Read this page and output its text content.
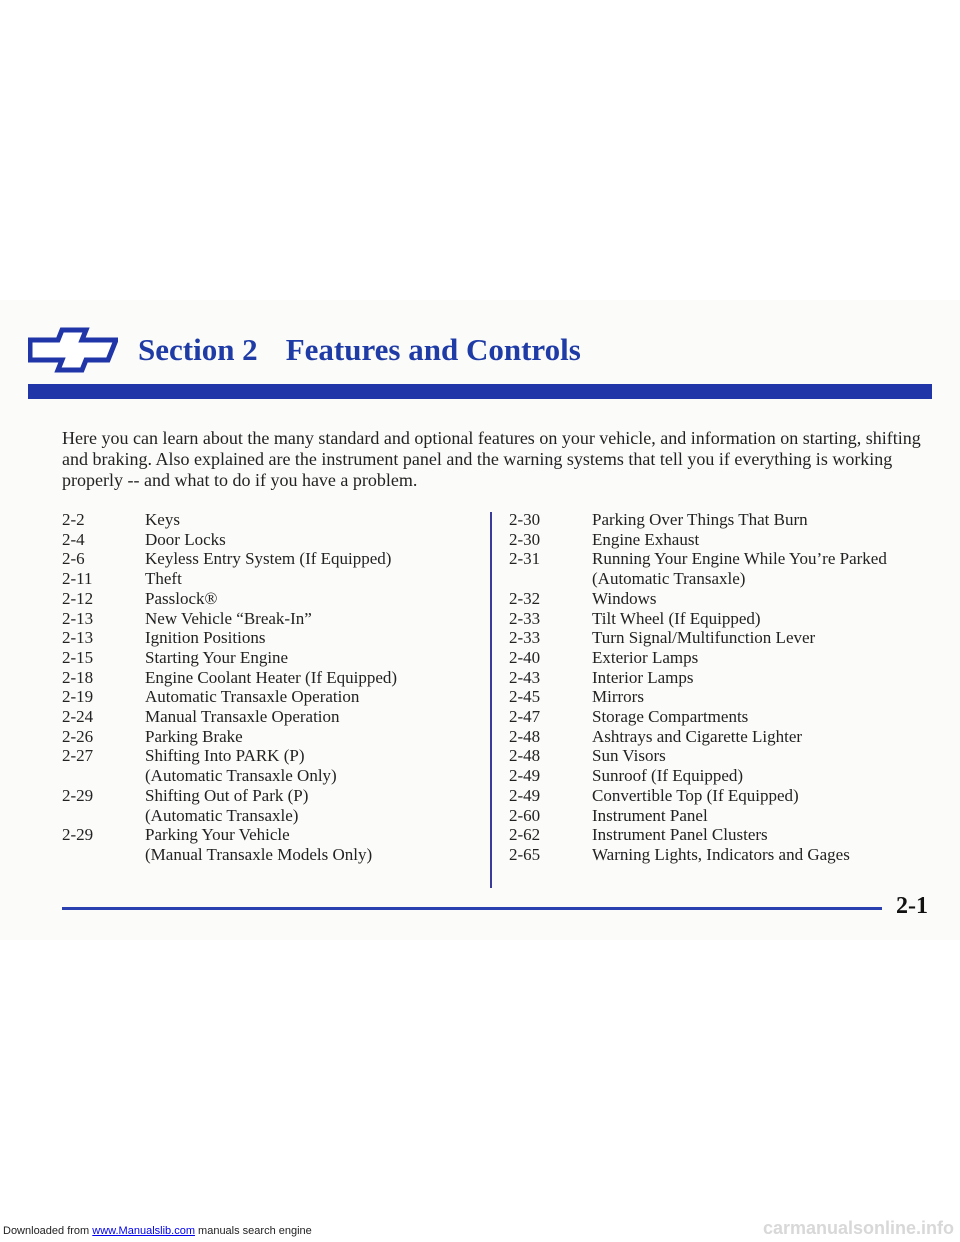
Section 2 Features and Controls
Here you can learn about the many standard and optional features on your vehicle, and information on starting, shifting and braking. Also explained are the instrument panel and the warning systems that tell you if everything is working properly -- and what to do if you have a problem.
2-2	Keys
2-4	Door Locks
2-6	Keyless Entry System (If Equipped)
2-11	Theft
2-12	Passlock®
2-13	New Vehicle “Break-In”
2-13	Ignition Positions
2-15	Starting Your Engine
2-18	Engine Coolant Heater (If Equipped)
2-19	Automatic Transaxle Operation
2-24	Manual Transaxle Operation
2-26	Parking Brake
2-27	Shifting Into PARK (P)
(Automatic Transaxle Only)
2-29	Shifting Out of Park (P)
(Automatic Transaxle)
2-29	Parking Your Vehicle
(Manual Transaxle Models Only)
2-30	Parking Over Things That Burn
2-30	Engine Exhaust
2-31	Running Your Engine While You’re Parked
(Automatic Transaxle)
2-32	Windows
2-33	Tilt Wheel (If Equipped)
2-33	Turn Signal/Multifunction Lever
2-40	Exterior Lamps
2-43	Interior Lamps
2-45	Mirrors
2-47	Storage Compartments
2-48	Ashtrays and Cigarette Lighter
2-48	Sun Visors
2-49	Sunroof (If Equipped)
2-49	Convertible Top (If Equipped)
2-60	Instrument Panel
2-62	Instrument Panel Clusters
2-65	Warning Lights, Indicators and Gages
2-1
Downloaded from www.Manualslib.com manuals search engine	carmanualsonline.info
